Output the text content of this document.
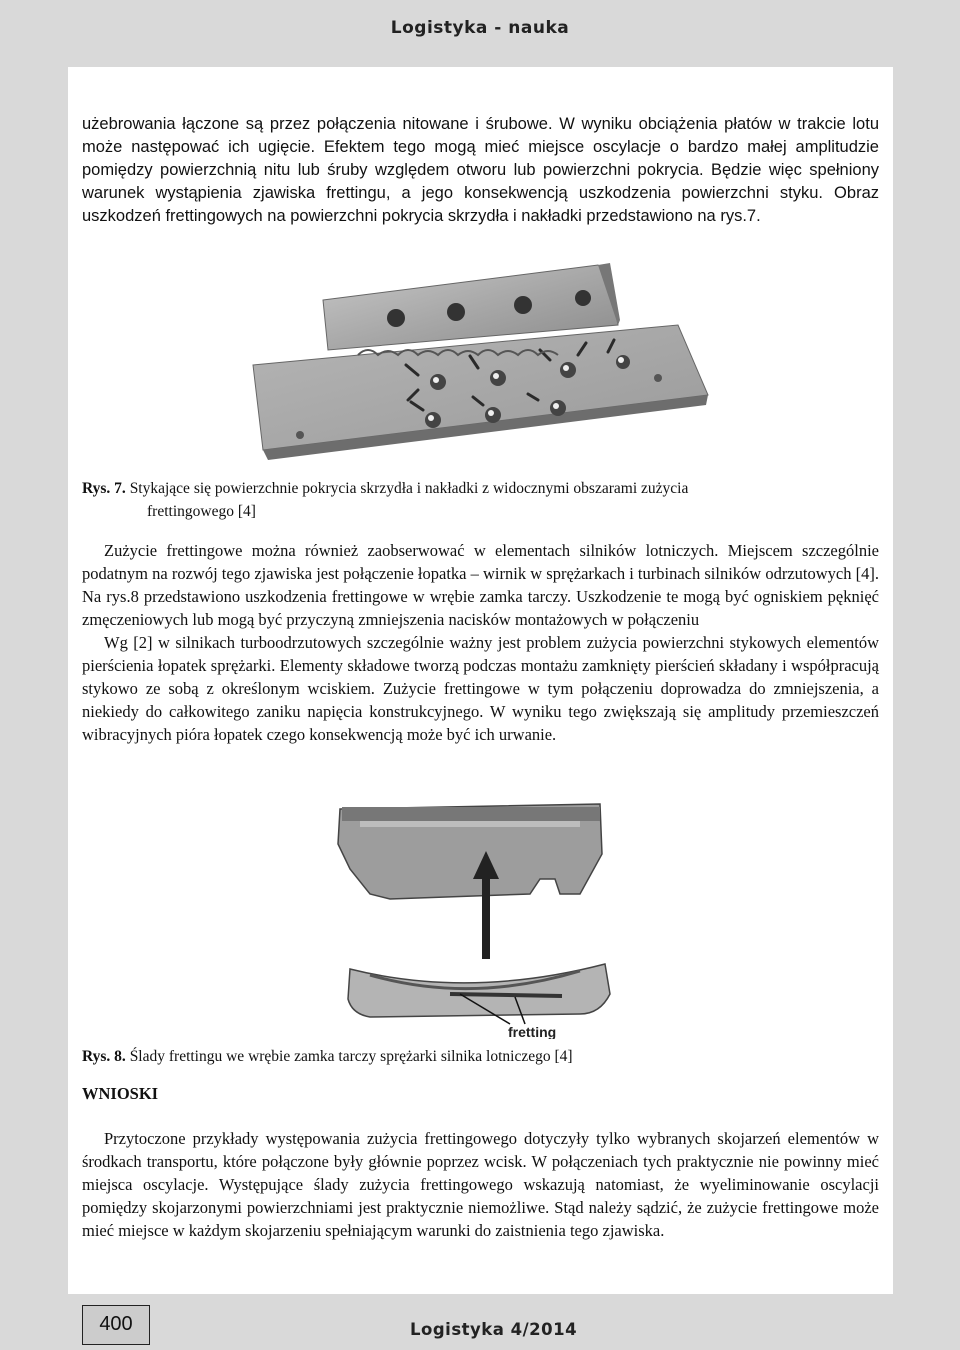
Logistyka - nauka

użebrowania łączone są przez połączenia nitowane i śrubowe. W wyniku obciążenia płatów w trakcie lotu może następować ich ugięcie. Efektem tego mogą mieć miejsce oscylacje o bardzo małej amplitudzie pomiędzy powierzchnią nitu lub śruby względem otworu lub powierzchni pokrycia. Będzie więc spełniony warunek wystąpienia zjawiska frettingu, a jego konsekwencją uszkodzenia powierzchni styku. Obraz uszkodzeń frettingowych na powierzchni pokrycia skrzydła i nakładki przedstawiono na rys.7.

Rys. 7. Stykające się powierzchnie pokrycia skrzydła i nakładki z widocznymi obszarami zużycia
frettingowego [4]

Zużycie frettingowe można również zaobserwować w elementach silników lotniczych. Miejscem szczególnie podatnym na rozwój tego zjawiska jest połączenie łopatka – wirnik w sprężarkach i turbinach silników odrzutowych [4]. Na rys.8 przedstawiono uszkodzenia frettingowe w wrębie zamka tarczy. Uszkodzenie te mogą być ogniskiem pęknięć zmęczeniowych lub mogą być przyczyną zmniejszenia nacisków montażowych w połączeniu

Wg [2] w silnikach turboodrzutowych szczególnie ważny jest problem zużycia powierzchni stykowych elementów pierścienia łopatek sprężarki. Elementy składowe tworzą podczas montażu zamknięty pierścień składany i współpracują stykowo ze sobą z określonym wciskiem. Zużycie frettingowe w tym połączeniu doprowadza do zmniejszenia, a niekiedy do całkowitego zaniku napięcia konstrukcyjnego. W wyniku tego zwiększają się amplitudy przemieszczeń wibracyjnych pióra łopatek czego konsekwencją może być ich urwanie.

fretting
Rys. 8. Ślady frettingu we wrębie zamka tarczy sprężarki silnika lotniczego [4]
WNIOSKI

Przytoczone przykłady występowania zużycia frettingowego dotyczyły tylko wybranych skojarzeń elementów w środkach transportu, które połączone były głównie poprzez wcisk. W połączeniach tych praktycznie nie powinny mieć miejsca oscylacje. Występujące ślady zużycia frettingowego wskazują natomiast, że wyeliminowanie oscylacji pomiędzy skojarzonymi powierzchniami jest praktycznie niemożliwe. Stąd należy sądzić, że zużycie frettingowe może mieć miejsce w każdym skojarzeniu spełniającym warunki do zaistnienia tego zjawiska.

400	Logistyka 4/2014
